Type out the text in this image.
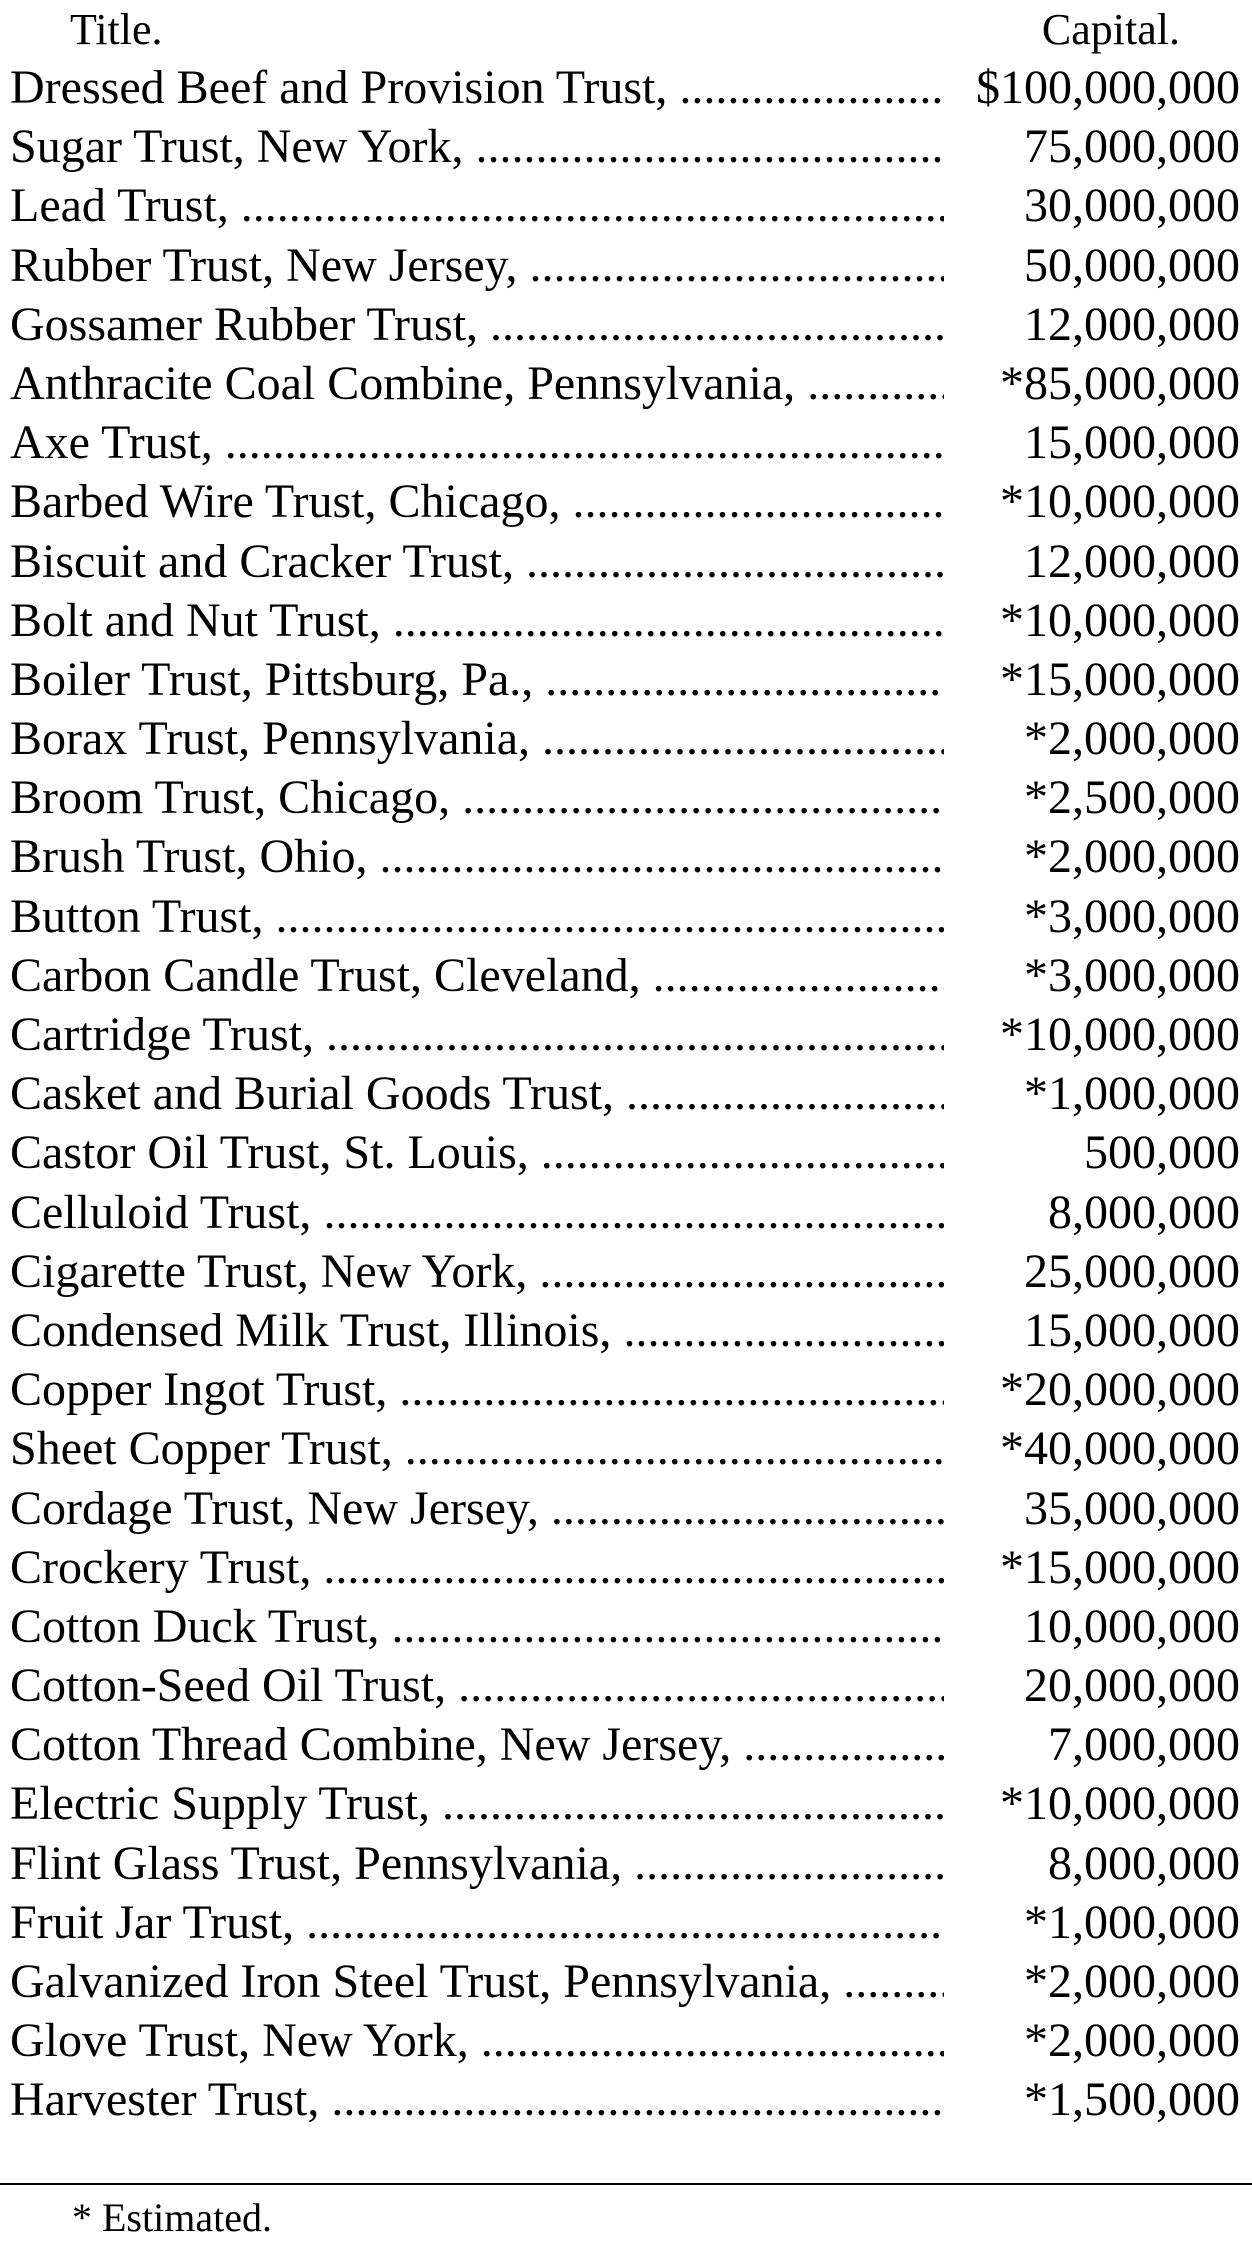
Title.	Capital.
Dressed Beef and Provision Trust, .....	$100,000,000
Sugar Trust, New York, .....	75,000,000
Lead Trust, .....	30,000,000
Rubber Trust, New Jersey, .....	50,000,000
Gossamer Rubber Trust, .....	12,000,000
Anthracite Coal Combine, Pennsylvania, .....	*85,000,000
Axe Trust, .....	15,000,000
Barbed Wire Trust, Chicago, .....	*10,000,000
Biscuit and Cracker Trust, .....	12,000,000
Bolt and Nut Trust, .....	*10,000,000
Boiler Trust, Pittsburg, Pa., .....	*15,000,000
Borax Trust, Pennsylvania, .....	*2,000,000
Broom Trust, Chicago, .....	*2,500,000
Brush Trust, Ohio, .....	*2,000,000
Button Trust, .....	*3,000,000
Carbon Candle Trust, Cleveland, .....	*3,000,000
Cartridge Trust, .....	*10,000,000
Casket and Burial Goods Trust, .....	*1,000,000
Castor Oil Trust, St. Louis, .....	500,000
Celluloid Trust, .....	8,000,000
Cigarette Trust, New York, .....	25,000,000
Condensed Milk Trust, Illinois, .....	15,000,000
Copper Ingot Trust, .....	*20,000,000
Sheet Copper Trust, .....	*40,000,000
Cordage Trust, New Jersey, .....	35,000,000
Crockery Trust, .....	*15,000,000
Cotton Duck Trust, .....	10,000,000
Cotton-Seed Oil Trust, .....	20,000,000
Cotton Thread Combine, New Jersey, .....	7,000,000
Electric Supply Trust, .....	*10,000,000
Flint Glass Trust, Pennsylvania, .....	8,000,000
Fruit Jar Trust, .....	*1,000,000
Galvanized Iron Steel Trust, Pennsylvania, .....	*2,000,000
Glove Trust, New York, .....	*2,000,000
Harvester Trust, .....	*1,500,000
* Estimated.
